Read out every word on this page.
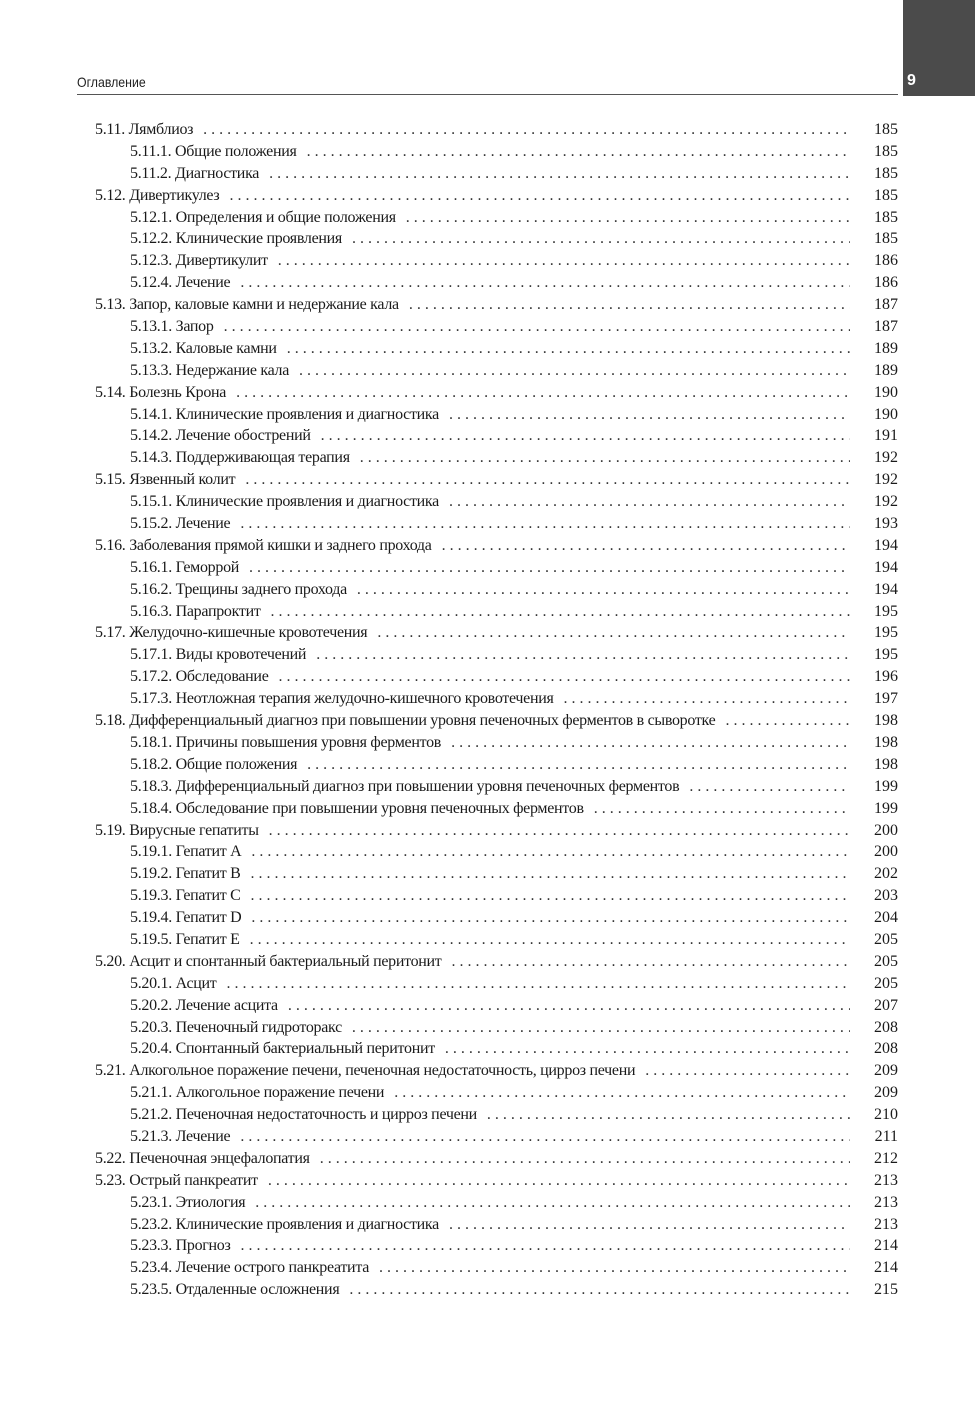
9
Оглавление
5.11. Лямблиоз . . .	185
5.11.1. Общие положения . . .	185
5.11.2. Диагностика . . .	185
5.12. Дивертикулез . . .	185
5.12.1. Определения и общие положения . . .	185
5.12.2. Клинические проявления . . .	185
5.12.3. Дивертикулит . . .	186
5.12.4. Лечение . . .	186
5.13. Запор, каловые камни и недержание кала . . .	187
5.13.1. Запор . . .	187
5.13.2. Каловые камни . . .	189
5.13.3. Недержание кала . . .	189
5.14. Болезнь Крона . . .	190
5.14.1. Клинические проявления и диагностика . . .	190
5.14.2. Лечение обострений . . .	191
5.14.3. Поддерживающая терапия . . .	192
5.15. Язвенный колит . . .	192
5.15.1. Клинические проявления и диагностика . . .	192
5.15.2. Лечение . . .	193
5.16. Заболевания прямой кишки и заднего прохода . . .	194
5.16.1. Геморрой . . .	194
5.16.2. Трещины заднего прохода . . .	194
5.16.3. Парапроктит . . .	195
5.17. Желудочно-кишечные кровотечения . . .	195
5.17.1. Виды кровотечений . . .	195
5.17.2. Обследование . . .	196
5.17.3. Неотложная терапия желудочно-кишечного кровотечения . . .	197
5.18. Дифференциальный диагноз при повышении уровня печеночных ферментов в сыворотке . . .	198
5.18.1. Причины повышения уровня ферментов . . .	198
5.18.2. Общие положения . . .	198
5.18.3. Дифференциальный диагноз при повышении уровня печеночных ферментов . . .	199
5.18.4. Обследование при повышении уровня печеночных ферментов . . .	199
5.19. Вирусные гепатиты . . .	200
5.19.1. Гепатит A . . .	200
5.19.2. Гепатит B . . .	202
5.19.3. Гепатит C . . .	203
5.19.4. Гепатит D . . .	204
5.19.5. Гепатит E . . .	205
5.20. Асцит и спонтанный бактериальный перитонит . . .	205
5.20.1. Асцит . . .	205
5.20.2. Лечение асцита . . .	207
5.20.3. Печеночный гидроторакс . . .	208
5.20.4. Спонтанный бактериальный перитонит . . .	208
5.21. Алкогольное поражение печени, печеночная недостаточность, цирроз печени . . .	209
5.21.1. Алкогольное поражение печени . . .	209
5.21.2. Печеночная недостаточность и цирроз печени . . .	210
5.21.3. Лечение . . .	211
5.22. Печеночная энцефалопатия . . .	212
5.23. Острый панкреатит . . .	213
5.23.1. Этиология . . .	213
5.23.2. Клинические проявления и диагностика . . .	213
5.23.3. Прогноз . . .	214
5.23.4. Лечение острого панкреатита . . .	214
5.23.5. Отдаленные осложнения . . .	215
